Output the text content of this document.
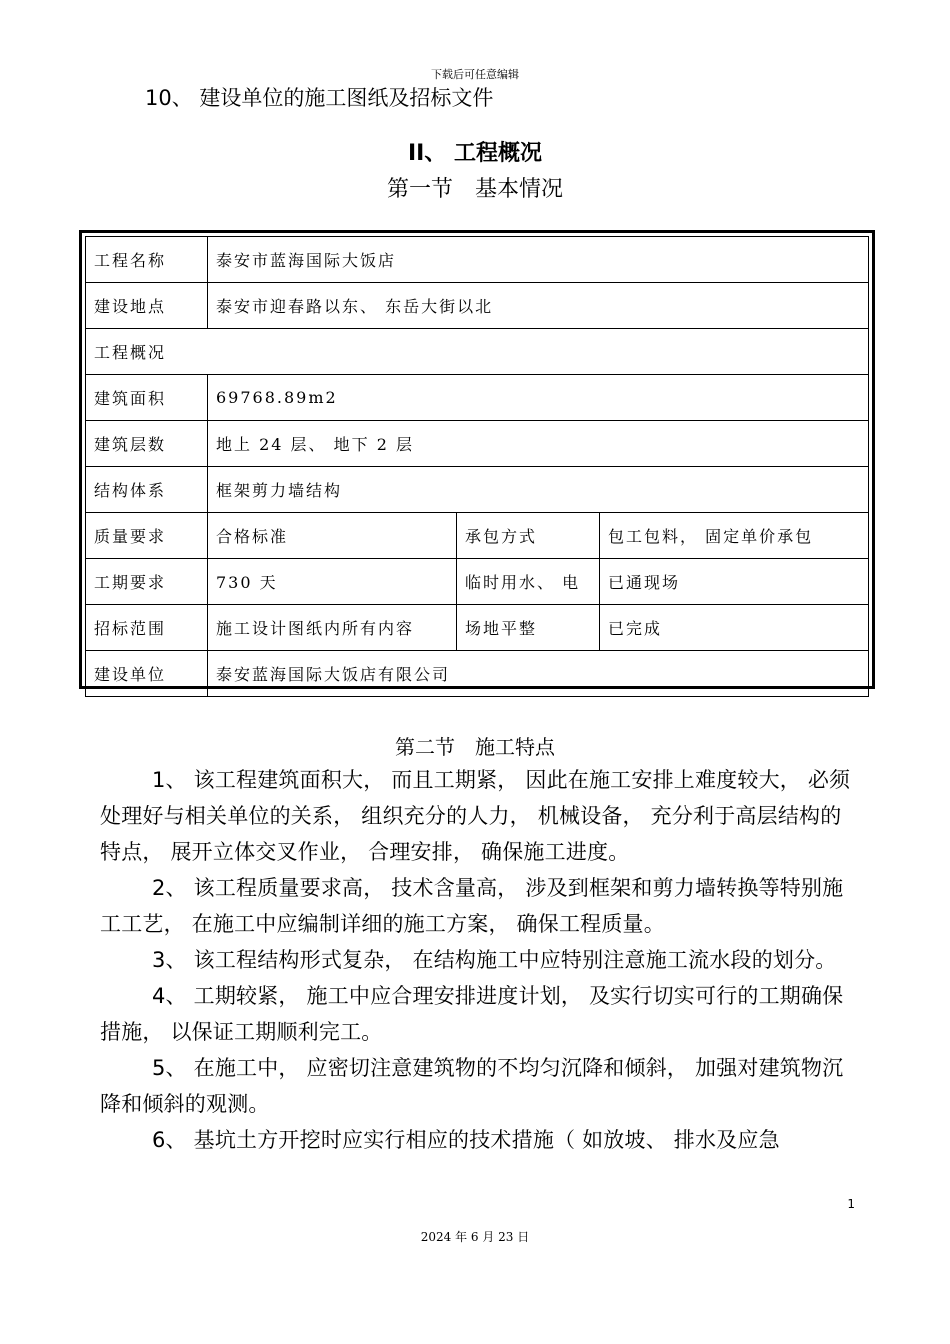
下载后可任意编辑
10、 建设单位的施工图纸及招标文件
II、 工程概况
第一节　基本情况
工程名称	泰安市蓝海国际大饭店		
建设地点	泰安市迎春路以东、 东岳大街以北		
工程概况			
建筑面积	69768.89m2		
建筑层数	地上 24 层、 地下 2 层		
结构体系	框架剪力墙结构		
质量要求	合格标准	承包方式	包工包料， 固定单价承包
工期要求	730 天	临时用水、 电	已通现场
招标范围	施工设计图纸内所有内容	场地平整	已完成
建设单位	泰安蓝海国际大饭店有限公司		
第二节　施工特点

1、 该工程建筑面积大， 而且工期紧， 因此在施工安排上难度较大， 必须处理好与相关单位的关系， 组织充分的人力， 机械设备， 充分利于高层结构的特点， 展开立体交叉作业， 合理安排， 确保施工进度。

2、 该工程质量要求高， 技术含量高， 涉及到框架和剪力墙转换等特别施工工艺， 在施工中应编制详细的施工方案， 确保工程质量。

3、 该工程结构形式复杂， 在结构施工中应特别注意施工流水段的划分。

4、 工期较紧， 施工中应合理安排进度计划， 及实行切实可行的工期确保措施， 以保证工期顺利完工。

5、 在施工中， 应密切注意建筑物的不均匀沉降和倾斜， 加强对建筑物沉降和倾斜的观测。

6、 基坑土方开挖时应实行相应的技术措施（ 如放坡、 排水及应急

1
2024 年 6 月 23 日
